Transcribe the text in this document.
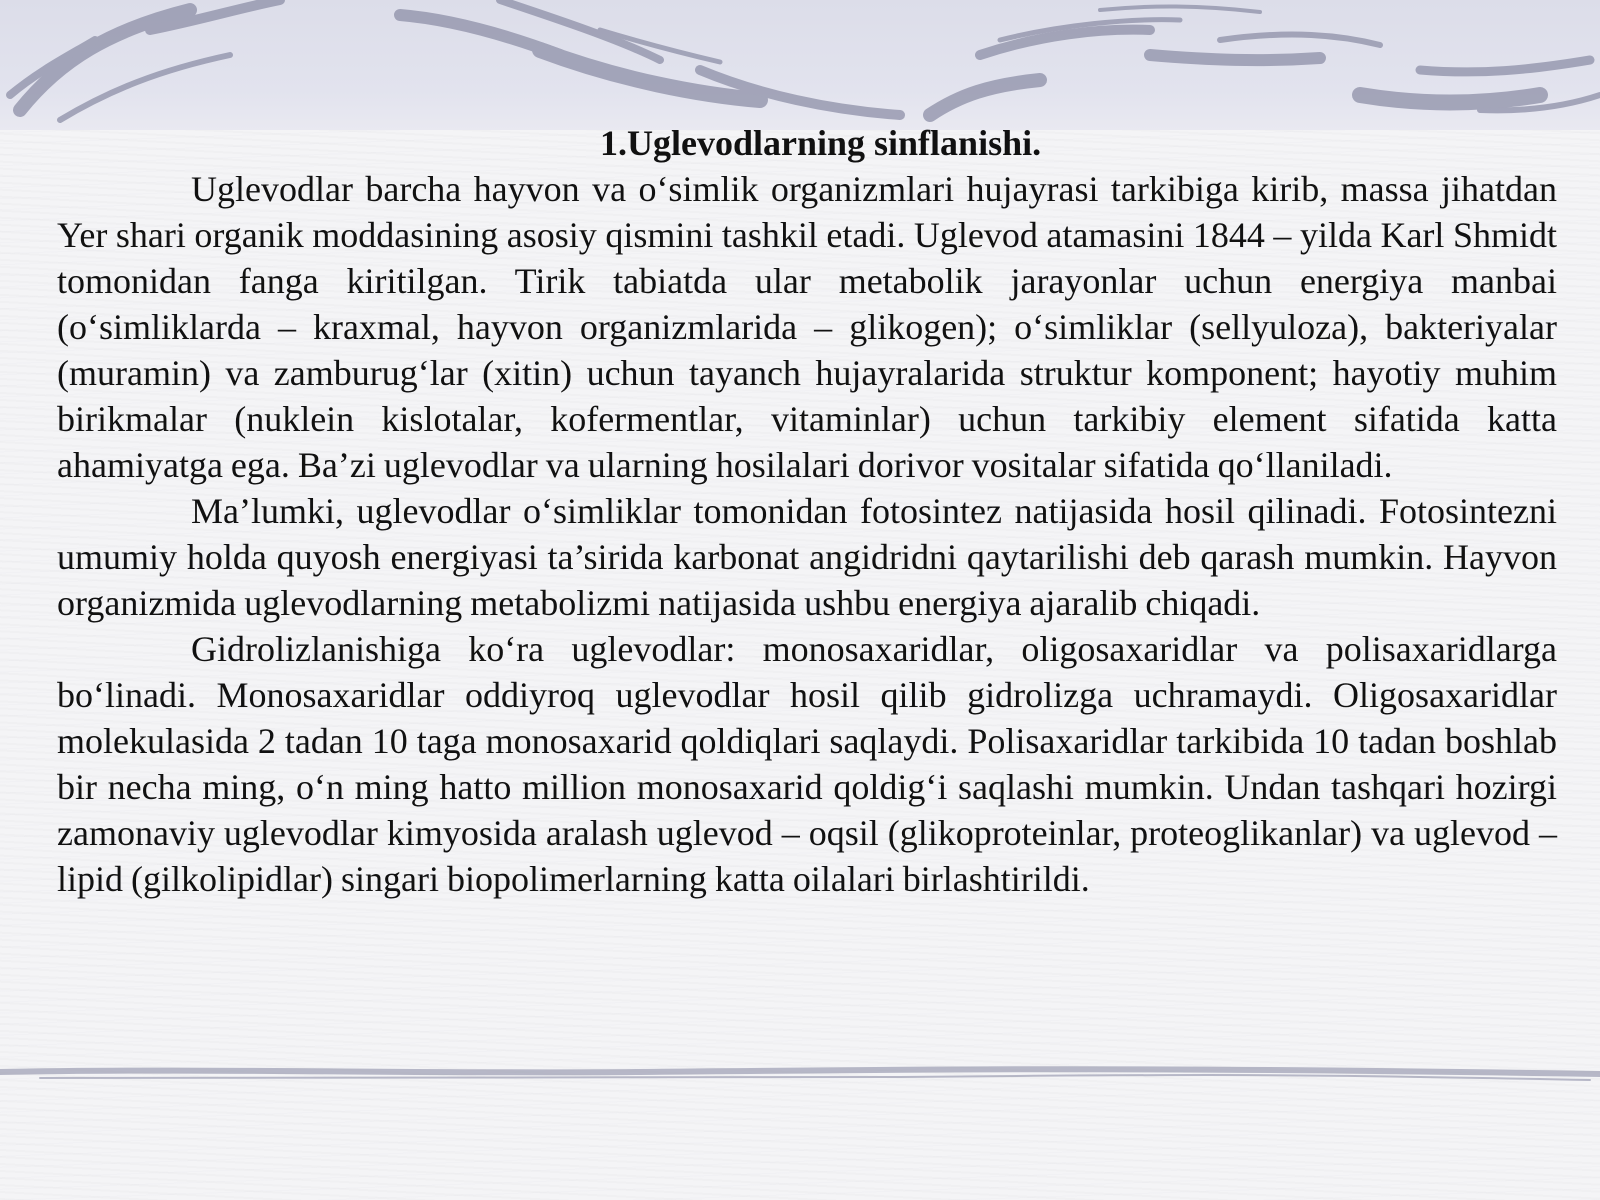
1.Uglevodlarning sinflanishi.

Uglevodlar barcha hayvon va o‘simlik organizmlari hujayrasi tarkibiga kirib, massa jihatdan Yer shari organik moddasining asosiy qismini tashkil etadi. Uglevod atamasini 1844 – yilda Karl Shmidt tomonidan fanga kiritilgan. Tirik tabiatda ular metabolik jarayonlar uchun energiya manbai (o‘simliklarda – kraxmal, hayvon organizmlarida – glikogen); o‘simliklar (sellyuloza), bakteriyalar (muramin) va zamburug‘lar (xitin) uchun tayanch hujayralarida struktur komponent; hayotiy muhim birikmalar (nuklein kislotalar, kofermentlar, vitaminlar) uchun tarkibiy element sifatida katta ahamiyatga ega. Ba’zi uglevodlar va ularning hosilalari dorivor vositalar sifatida qo‘llaniladi.

Ma’lumki, uglevodlar o‘simliklar tomonidan fotosintez natijasida hosil qilinadi. Fotosintezni umumiy holda quyosh energiyasi ta’sirida karbonat angidridni qaytarilishi deb qarash mumkin. Hayvon organizmida uglevodlarning metabolizmi natijasida ushbu energiya ajaralib chiqadi.

Gidrolizlanishiga ko‘ra uglevodlar: monosaxaridlar, oligosaxaridlar va polisaxaridlarga bo‘linadi. Monosaxaridlar oddiyroq uglevodlar hosil qilib gidrolizga uchramaydi. Oligosaxaridlar molekulasida 2 tadan 10 taga monosaxarid qoldiqlari saqlaydi. Polisaxaridlar tarkibida 10 tadan boshlab bir necha ming, o‘n ming hatto million monosaxarid qoldig‘i saqlashi mumkin. Undan tashqari hozirgi zamonaviy uglevodlar kimyosida aralash uglevod – oqsil (glikoproteinlar, proteoglikanlar) va uglevod – lipid (gilkolipidlar) singari biopolimerlarning katta oilalari birlashtirildi.
